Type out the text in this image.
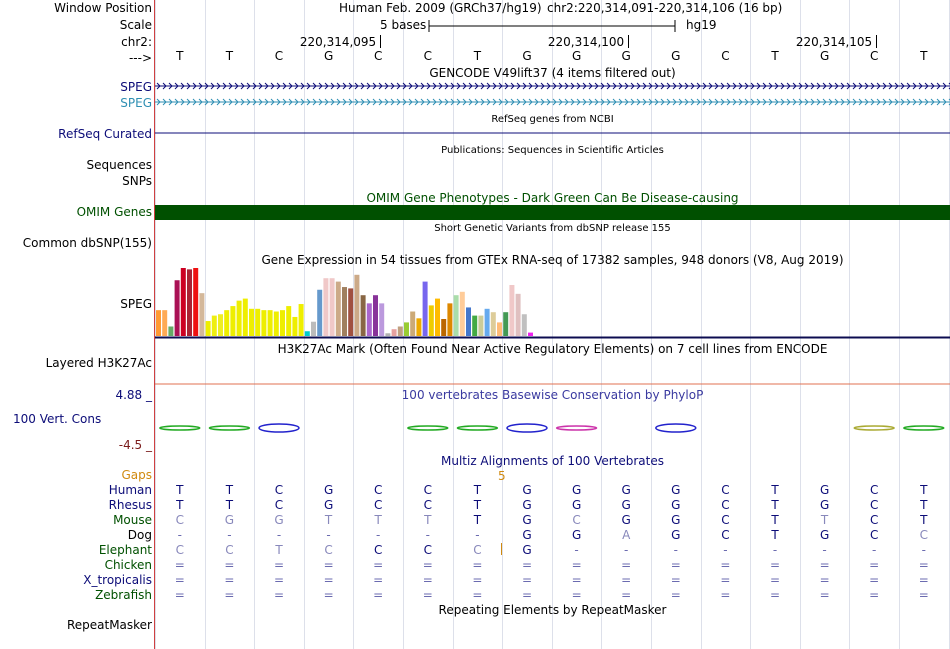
Window Position
Scale
chr2:
--->
SPEG
SPEG
RefSeq Curated
Sequences
SNPs
OMIM Genes
Common dbSNP(155)
SPEG
Layered H3K27Ac
4.88 _
100 Vert. Cons
-4.5 _
Gaps
Human
Rhesus
Mouse
Dog
Elephant
Chicken
X_tropicalis
Zebrafish
RepeatMasker
Human Feb. 2009 (GRCh37/hg19) chr2:220,314,091-220,314,106 (16 bp)
5 bases	hg19
220,314,095	220,314,100	220,314,105
T	T	C	G	C	C	T	G	G	G	G	C	T	G	C	T
GENCODE V49lift37 (4 items filtered out)
RefSeq genes from NCBI
Publications: Sequences in Scientific Articles
OMIM Gene Phenotypes - Dark Green Can Be Disease-causing
Short Genetic Variants from dbSNP release 155
Gene Expression in 54 tissues from GTEx RNA-seq of 17382 samples, 948 donors (V8, Aug 2019)
H3K27Ac Mark (Often Found Near Active Regulatory Elements) on 7 cell lines from ENCODE
100 vertebrates Basewise Conservation by PhyloP
Multiz Alignments of 100 Vertebrates
5
T	T	C	G	C	C	T	G	G	G	G	C	T	G	C	T
T	T	C	G	C	C	T	G	G	G	G	C	T	G	C	T
C	G	G	T	T	T	T	G	C	G	G	C	T	T	C	T
-	-	-	-	-	-	-	G	G	A	G	C	T	G	C	C
C	C	T	C	C	C	C	G	-	-	-	-	-	-	-	-
=	=	=	=	=	=	=	=	=	=	=	=	=	=	=	=
=	=	=	=	=	=	=	=	=	=	=	=	=	=	=	=
=	=	=	=	=	=	=	=	=	=	=	=	=	=	=	=
Repeating Elements by RepeatMasker
